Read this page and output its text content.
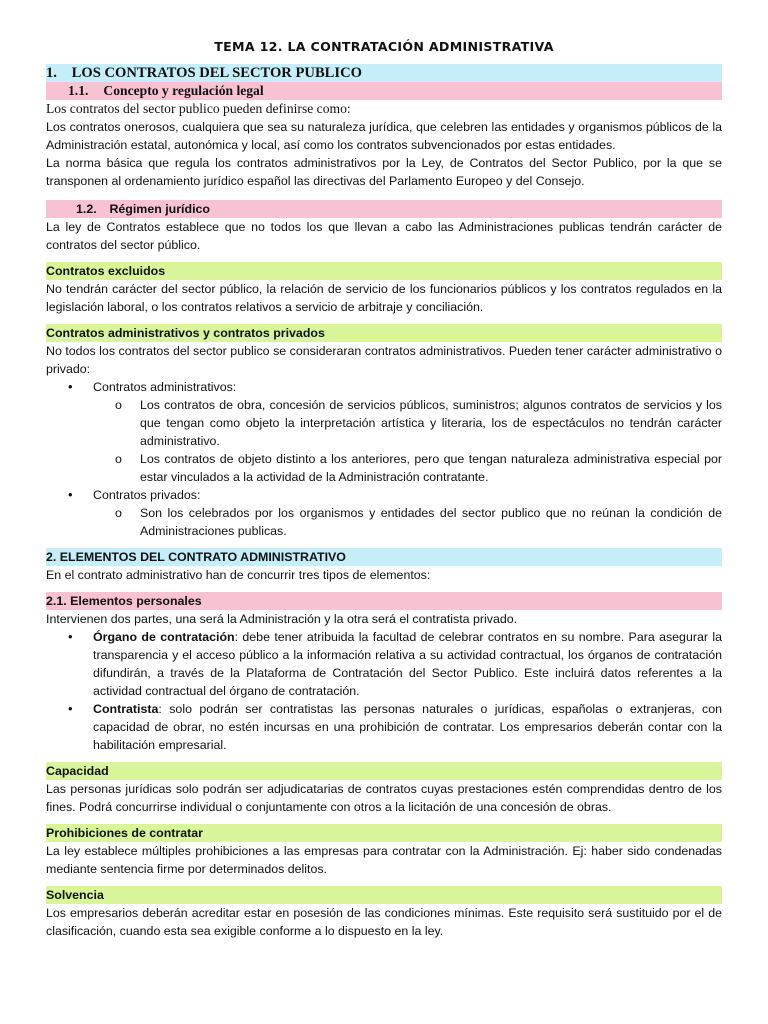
TEMA 12. LA CONTRATACIÓN ADMINISTRATIVA
1. LOS CONTRATOS DEL SECTOR PUBLICO
1.1. Concepto y regulación legal

Los contratos del sector publico pueden definirse como:

Los contratos onerosos, cualquiera que sea su naturaleza jurídica, que celebren las entidades y organismos públicos de la Administración estatal, autonómica y local, así como los contratos subvencionados por estas entidades.

La norma básica que regula los contratos administrativos por la Ley, de Contratos del Sector Publico, por la que se transponen al ordenamiento jurídico español las directivas del Parlamento Europeo y del Consejo.

1.2. Régimen jurídico

La ley de Contratos establece que no todos los que llevan a cabo las Administraciones publicas tendrán carácter de contratos del sector público.

Contratos excluidos

No tendrán carácter del sector público, la relación de servicio de los funcionarios públicos y los contratos regulados en la legislación laboral, o los contratos relativos a servicio de arbitraje y conciliación.

Contratos administrativos y contratos privados

No todos los contratos del sector publico se consideraran contratos administrativos. Pueden tener carácter administrativo o privado:

• Contratos administrativos:
o Los contratos de obra, concesión de servicios públicos, suministros; algunos contratos de servicios y los que tengan como objeto la interpretación artística y literaria, los de espectáculos no tendrán carácter administrativo.
o Los contratos de objeto distinto a los anteriores, pero que tengan naturaleza administrativa especial por estar vinculados a la actividad de la Administración contratante.
• Contratos privados:
o Son los celebrados por los organismos y entidades del sector publico que no reúnan la condición de Administraciones publicas.
2. ELEMENTOS DEL CONTRATO ADMINISTRATIVO

En el contrato administrativo han de concurrir tres tipos de elementos:

2.1. Elementos personales

Intervienen dos partes, una será la Administración y la otra será el contratista privado.

• Órgano de contratación: debe tener atribuida la facultad de celebrar contratos en su nombre. Para asegurar la transparencia y el acceso público a la información relativa a su actividad contractual, los órganos de contratación difundirán, a través de la Plataforma de Contratación del Sector Publico. Este incluirá datos referentes a la actividad contractual del órgano de contratación.
• Contratista: solo podrán ser contratistas las personas naturales o jurídicas, españolas o extranjeras, con capacidad de obrar, no estén incursas en una prohibición de contratar. Los empresarios deberán contar con la habilitación empresarial.
Capacidad

Las personas jurídicas solo podrán ser adjudicatarias de contratos cuyas prestaciones estén comprendidas dentro de los fines. Podrá concurrirse individual o conjuntamente con otros a la licitación de una concesión de obras.

Prohibiciones de contratar

La ley establece múltiples prohibiciones a las empresas para contratar con la Administración. Ej: haber sido condenadas mediante sentencia firme por determinados delitos.

Solvencia

Los empresarios deberán acreditar estar en posesión de las condiciones mínimas. Este requisito será sustituido por el de clasificación, cuando esta sea exigible conforme a lo dispuesto en la ley.
